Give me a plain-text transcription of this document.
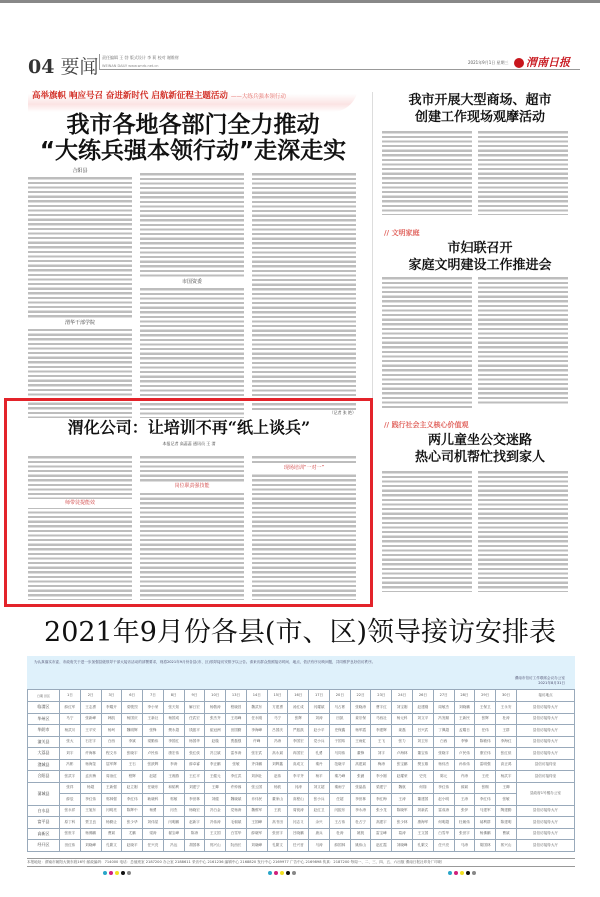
04 要闻 责任编辑 王 勃 版式设计 李 莉 校对 谢维财
WEINAN DAILY www.wnrb.net.cn
2021年9月1日 星期三	渭南日报
高举旗帜 响应号召 奋进新时代 启航新征程主题活动 ——大练兵强本领行动
我市各地各部门全力推动
“大练兵强本领行动”走深走实
合阳县
渭华干部学院
市国资委
（记者 张 艳）
我市开展大型商场、超市
创建工作现场观摩活动
// 文明家庭
市妇联召开
家庭文明建设工作推进会
// 践行社会主义核心价值观
两儿童坐公交迷路
热心司机帮忙找到家人
渭化公司：让培训不再“纸上谈兵”
本报记者 高蕊蕊 通讯员 王 渭
师带徒提能效
岗位职责强技能
现场培训“一对一”
2021年9月份各县(市、区)领导接访安排表
为认真落实市委、市政府关于进一步加强县级领导干部大接访活动的部署要求，现将2021年9月份各县(市、区)领导接访安排予以公告。请来访群众按照接访时间、地点，依法有序反映问题，共同维护良好信访秩序。
渭南市信访工作联席会议办公室
2021年8月31日
日期 县区	1日	2日	3日	6日	7日	8日	9日	10日	13日	14日	15日	16日	17日	20日	22日	23日	24日	26日	27日	28日	29日	30日	接访地点
临渭区	薛红军	王志勇	李耀开	梁骏烈	李小荣	张天知	解日宏	杨敬涛	程晓昌	魏武东	方建勇	汤红成	闫耀斌	马占彬	张晓涛	曹宇红	刘宝刚	赵建刚	周敏杰	刘晓鹏	王保卫	王永安	县信访接待大厅
华州区	马宁	张新峰	韩凯	杨国庆	王新社	杨国成	任武宏	张杰齐	王再峰	任永刚	马宁	张辉	刘涛	田凯	姜宗保	马西社	杨元科	刘文平	冯发顺	王新民	张辉	杜涛	县信访接待大厅
华阴市	杨武川	王平安	杨珂	魏明辉	张锋	樊永超	钱振平	崔冠洲	田国勤	李海峰	吕国庆	严振凯	赵小平	史保鑫	杨军霞	李建辉	姜磊	吕兴武	丁佩超	孟耀日	任伟	王群	县信访接待大厅
潼关县	张大	石宏宇	白西	李斌	梁勤伟	李国红	杨国华	赵璇	贾磊强	许峰	冯涛	李国宏	党小兵	于国玮	王雨虹	王飞	张力	刘卫东	白西	李锋	陈敏伟	李海红	县信访接待大厅
大荔县	刘宇	许海林	程文乔	张晓宇	卢民伟	康宏伟	张红侠	冯卫斌	雷孝涛	张宏武	高永斌	冉国宏	孔勇	马同伟	董锋	刘宇	卢海林	董宝伟	张晓宇	卢民伟	康宏伟	张红侠	县信访接待大厅
澄城县	冯彬	杨海玺	屈军辉	王石	张跃辉	李涛	薛卓睿	李正鹏	张敏	齐泽鹏	刘辉鑫	高成文	秦丹	范晓平	高建斌	梅涛	张宝鹏	樊玉雄	杨伟杰	孙伟伟	雷明强	高正鸿	县信访接待室
合阳县	张武宇	孟庆梅	周治红	程辉	赵超	王湘燕	王红平	王健元	李红武	刘润社	赵伟	李平齐	杨平	秦乃峰	张涵	李小刚	赵耀荣	史亮	陈元	许涛	王虎	杨武宇	县信访接待室
蒲城县	张祥	杨超	王新强	赵立刚	任晓东	和韬利	刘建宁	王卿	许忡蓉	张云国	杨波	闫涛	刘文超	秦雨宁	张晶晶	梁建宁	魏航	何翔	李红伟	薛斌	张桐	王卿	县政府1号楼办公室
	薛辰	李红伟	郭林强	李红伟	耿晓科	郭敏	李世林	刘健	魏晓斌	乔伟民	董家山	高程山	张小兵	任超	李世林	李红梅	王涛	董建国	赵小明	王涛	李红伟	张敏	
白水县	张永祥	王旭东	闫明亮	陈辉中	杨勇	闫杰	杨晓宏	冯白金	党杨涛	魏维军	王波	周锐涛	赵红卫	闫振东	李永涛	张小龙	陈晓军	刘新武	雷成涛	张伊	马建军	陶建勤	县信访接待大厅
富平县	原丁科	贾卫良	杨勤让	张少华	刘伟星	闫明鹏	赵新宇	冯伟涛	毛朝斌	王国峰	高书田	闫志义	余兴	王占伟	杜占宁	高建宇	张少林	康海军	何明超	杜朝伟	郝利群	陈建明	县信访接待大厅
高新区	张世宇	杨佛鹏	曹斌	尤鹏	梁涛	翟宝峰	陈涛	王文国	白雪华	薛晓军	张世宇	吕晓鹏	唐兵	杜涛	姚锐	雷宝峰	葛涛	王文国	白雪华	张世宇	杨佛鹏	曹斌	县信访接待大厅
经开区	田红伟	刘晓峰	孔繁文	赵晓平	任兴亮	冯达	胡国林	郭兴山	阮西长	刘晓峰	孔繁文	任兴晋	马涛	薛国林	姚伟山	赵红霞	刘晓峰	孔繁文	任兴亮	马涛	胡国林	郭兴山	县信访接待大厅
本报地址：渭南市朝阳大街东段16号 邮政编码：714000 电话：总值班室 2187200 办公室 2188611 采访中心 2161236 编辑中心 2168820 发行中心 2169977 广告中心 2169898 传真：2187200 每周一、二、三、四、五、六出版 渭南日报社印务厂印刷
